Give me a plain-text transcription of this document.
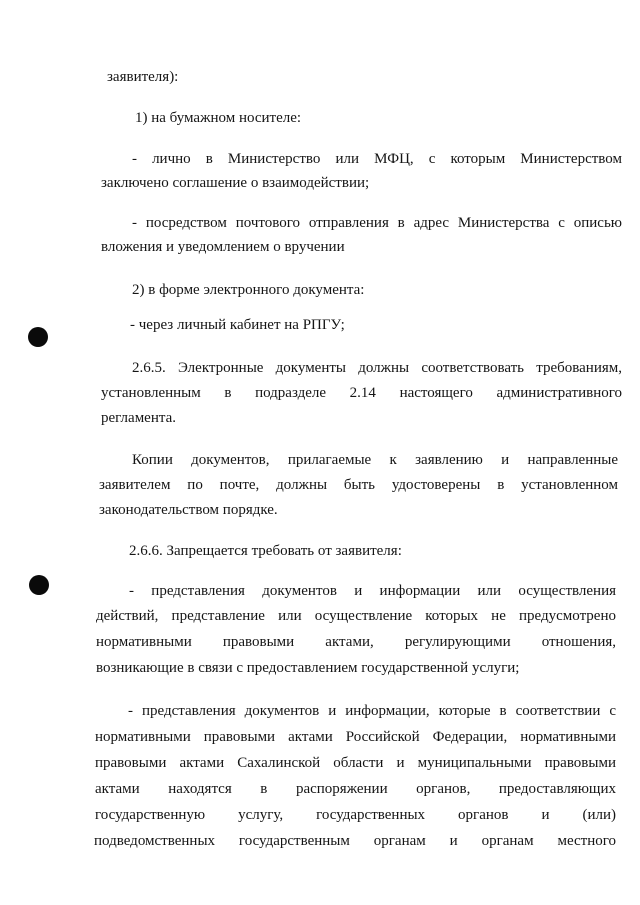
заявителя):
1) на бумажном носителе:
- лично в Министерство или МФЦ, с которым Министерством
заключено соглашение о взаимодействии;
- посредством почтового отправления в адрес Министерства с описью
вложения и уведомлением о вручении
2) в форме электронного документа:
- через личный кабинет на РПГУ;
2.6.5. Электронные документы должны соответствовать требованиям,
установленным в подразделе 2.14 настоящего административного
регламента.
Копии документов, прилагаемые к заявлению и направленные
заявителем по почте, должны быть удостоверены в установленном
законодательством порядке.
2.6.6. Запрещается требовать от заявителя:
- представления документов и информации или осуществления
действий, представление или осуществление которых не предусмотрено
нормативными правовыми актами, регулирующими отношения,
возникающие в связи с предоставлением государственной услуги;
- представления документов и информации, которые в соответствии с
нормативными правовыми актами Российской Федерации, нормативными
правовыми актами Сахалинской области и муниципальными правовыми
актами находятся в распоряжении органов, предоставляющих
государственную услугу, государственных органов и (или)
подведомственных государственным органам и органам местного
